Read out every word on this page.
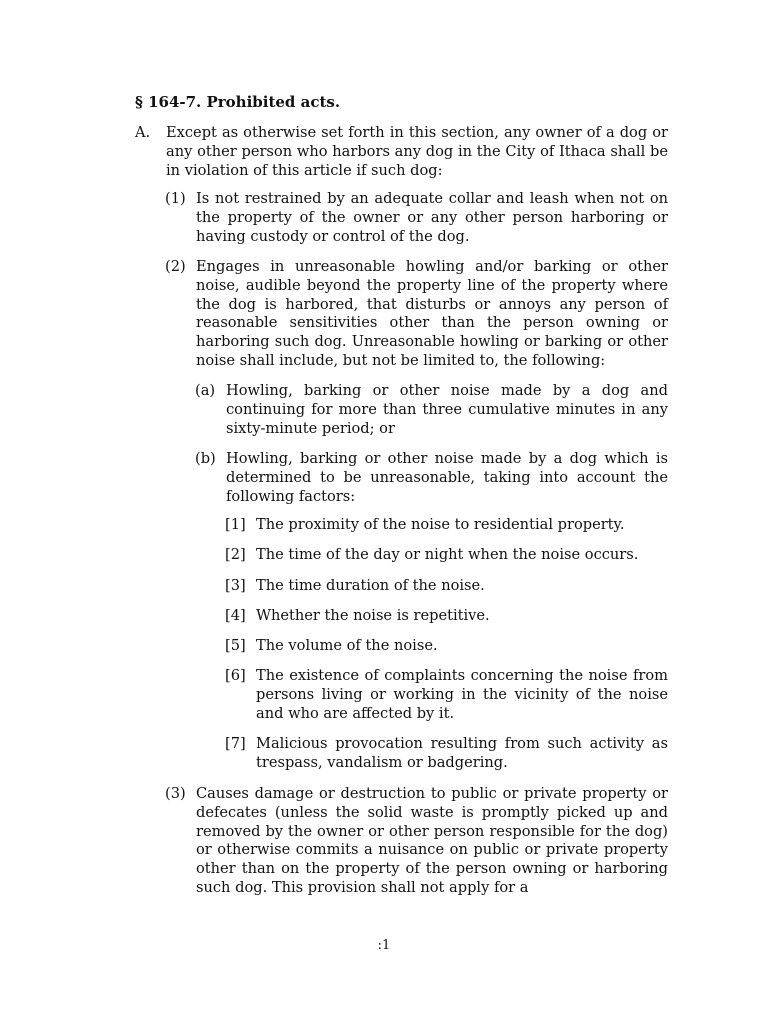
§ 164-7. Prohibited acts.
A.	Except as otherwise set forth in this section, any owner of a dog or any other person who harbors any dog in the City of Ithaca shall be in violation of this article if such dog:
(1) Is not restrained by an adequate collar and leash when not on the property of the owner or any other person harboring or having custody or control of the dog.
(2) Engages in unreasonable howling and/or barking or other noise, audible beyond the property line of the property where the dog is harbored, that disturbs or annoys any person of reasonable sensitivities other than the person owning or harboring such dog. Unreasonable howling or barking or other noise shall include, but not be limited to, the following:
(a) Howling, barking or other noise made by a dog and continuing for more than three cumulative minutes in any sixty-minute period; or
(b) Howling, barking or other noise made by a dog which is determined to be unreasonable, taking into account the following factors:
[1] The proximity of the noise to residential property.
[2] The time of the day or night when the noise occurs.
[3] The time duration of the noise.
[4] Whether the noise is repetitive.
[5] The volume of the noise.
[6] The existence of complaints concerning the noise from persons living or working in the vicinity of the noise and who are affected by it.
[7] Malicious provocation resulting from such activity as trespass, vandalism or badgering.
(3) Causes damage or destruction to public or private property or defecates (unless the solid waste is promptly picked up and removed by the owner or other person responsible for the dog) or otherwise commits a nuisance on public or private property other than on the property of the person owning or harboring such dog. This provision shall not apply for a
:1
